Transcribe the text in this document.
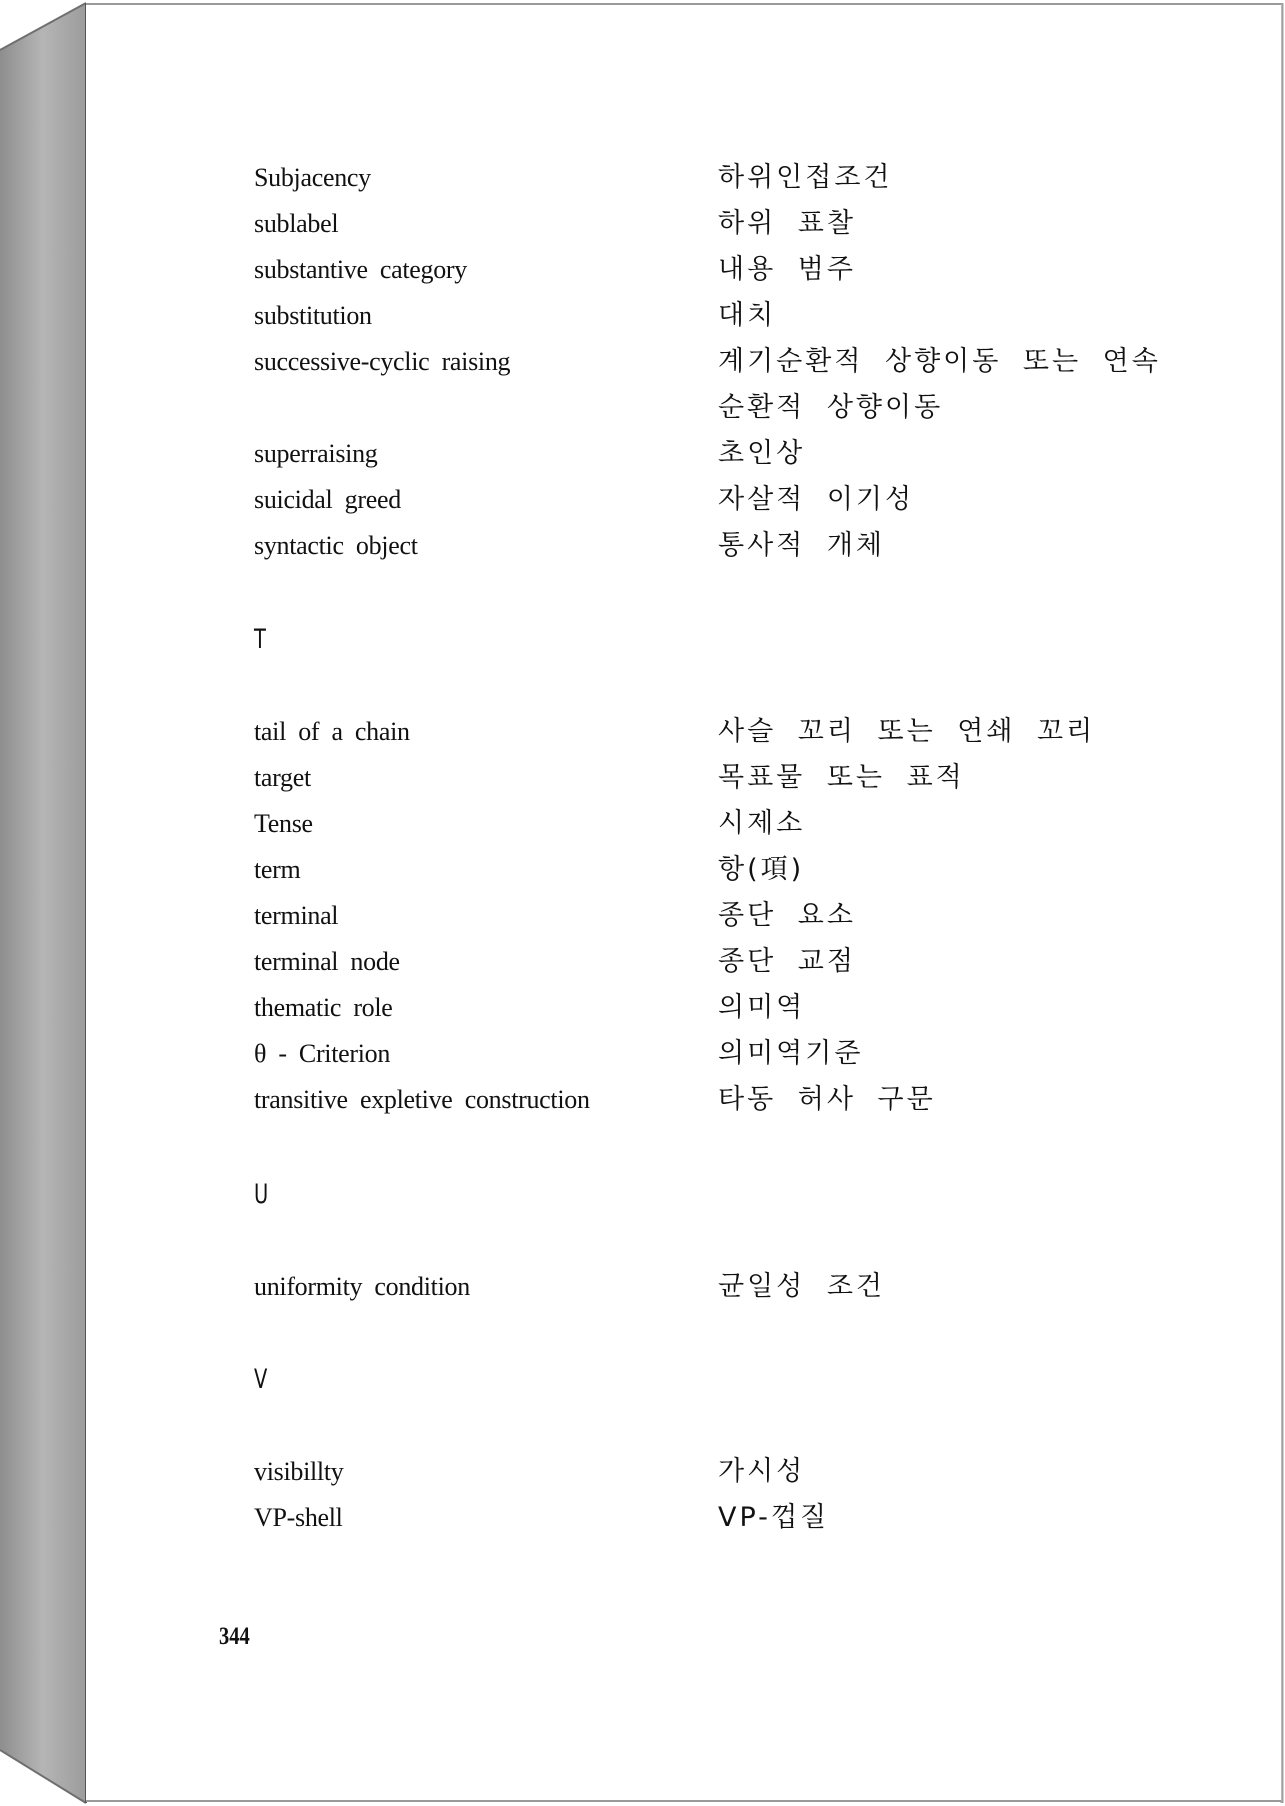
Subjacency	하위인접조건
sublabel	하위 표찰
substantive category	내용 범주
substitution	대치
successive-cyclic raising	계기순환적 상향이동 또는 연속
순환적 상향이동
superraising	초인상
suicidal greed	자살적 이기성
syntactic object	통사적 개체
T
tail of a chain	사슬 꼬리 또는 연쇄 꼬리
target	목표물 또는 표적
Tense	시제소
term	항(項)
terminal	종단 요소
terminal node	종단 교점
thematic role	의미역
θ - Criterion	의미역기준
transitive expletive construction	타동 허사 구문
U
uniformity condition	균일성 조건
V
visibillty	가시성
VP-shell	VP-껍질
344
